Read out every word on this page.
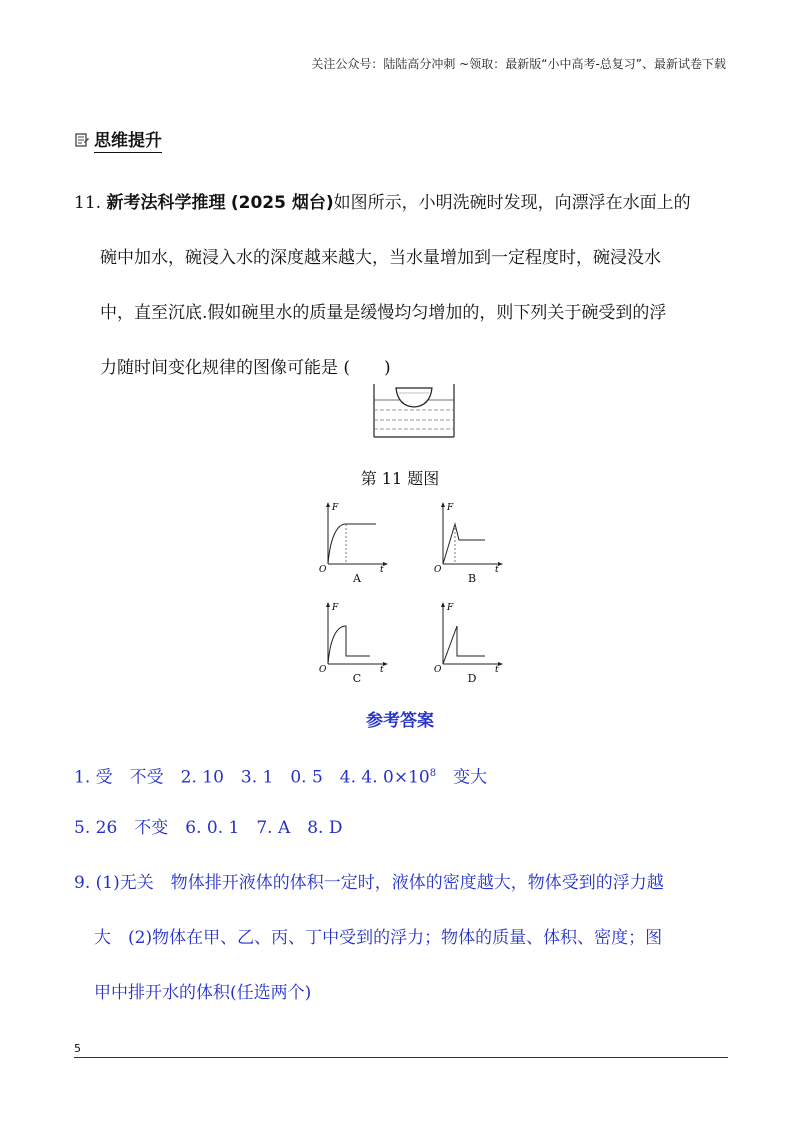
关注公众号：陆陆高分冲刺 ~领取：最新版“小中高考-总复习”、最新试卷下载
思维提升
11. 新考法科学推理 (2025 烟台)如图所示，小明洗碗时发现，向漂浮在水面上的
碗中加水，碗浸入水的深度越来越大，当水量增加到一定程度时，碗浸没水
中，直至沉底.假如碗里水的质量是缓慢均匀增加的，则下列关于碗受到的浮
力随时间变化规律的图像可能是 (　　)
第 11 题图
F
t
O
A
F
t
O
B
F
t
O
C
F
t
O
D
参考答案
1. 受　不受　2. 10　3. 1　0. 5　4. 4. $0\times 10^8$　变大
5. 26　不变　6. 0. 1　7. A　8. D
9. (1)无关　物体排开液体的体积一定时，液体的密度越大，物体受到的浮力越
大　(2)物体在甲、乙、丙、丁中受到的浮力；物体的质量、体积、密度；图
甲中排开水的体积(任选两个)
5
